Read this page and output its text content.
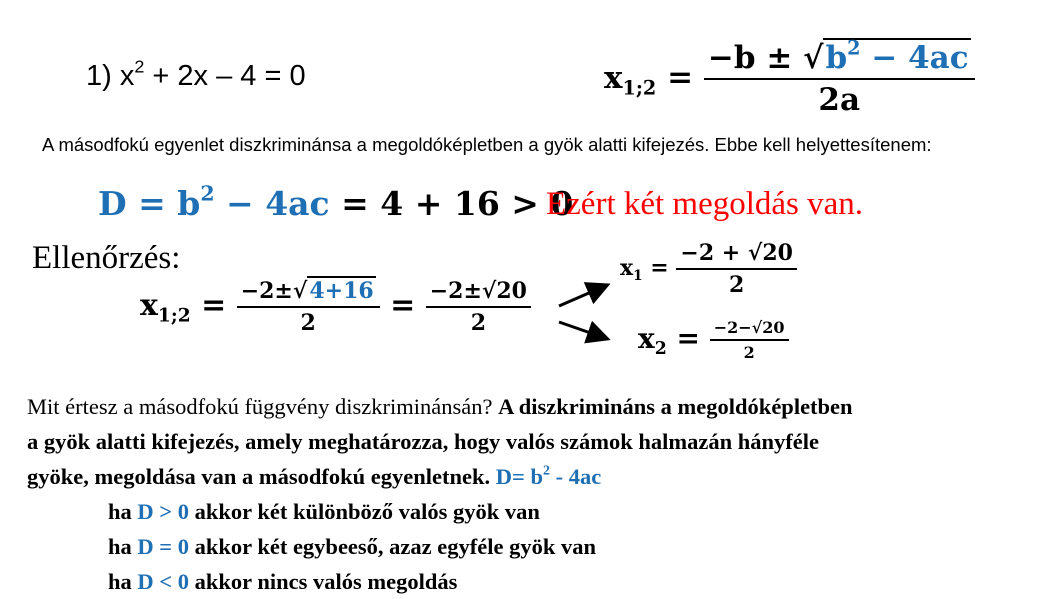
1) $x^2 + 2x - 4 = 0$	$x_{1;2} = \frac{-b \pm √b^2 - 4ac}{2a}$
A másodfokú egyenlet diszkriminánsa a megoldóképletben a gyök alatti kifejezés. Ebbe kell helyettesítenem:
$D = b^2 - 4ac = 4 + 16 > 0$
Ezért két megoldás van.
Ellenőrzés:
$x_{1;2} = \frac{-2\pm√4+16}{2} = \frac{-2\pm√20}{2}$
$x_1 = \frac{-2 + √20}{2}$
$x_2 = \frac{-2-√20}{2}$
Mit értesz a másodfokú függvény diszkriminánsán? A diszkrimináns a megoldóképletben
a gyök alatti kifejezés, amely meghatározza, hogy valós számok halmazán hányféle
gyöke, megoldása van a másodfokú egyenletnek. $D= b^2 - 4ac$
ha D > 0 akkor két különböző valós gyök van
ha D = 0 akkor két egybeeső, azaz egyféle gyök van
ha D < 0 akkor nincs valós megoldás
